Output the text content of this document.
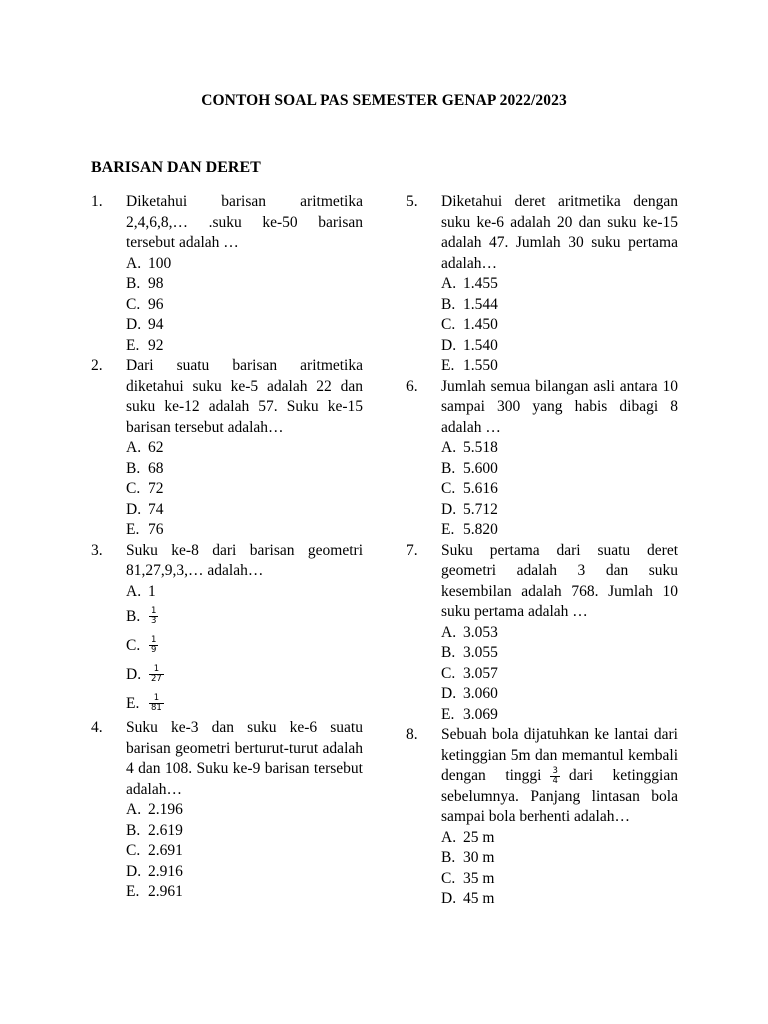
CONTOH SOAL PAS SEMESTER GENAP 2022/2023
BARISAN DAN DERET
1. Diketahui barisan aritmetika 2,4,6,8,… .suku ke-50 barisan tersebut adalah …
A. 100
B. 98
C. 96
D. 94
E. 92
2. Dari suatu barisan aritmetika diketahui suku ke-5 adalah 22 dan suku ke-12 adalah 57. Suku ke-15 barisan tersebut adalah…
A. 62
B. 68
C. 72
D. 74
E. 76
3. Suku ke-8 dari barisan geometri 81,27,9,3,… adalah…
A. 1
B.	$\frac{1}{3}$
C.	$\frac{1}{9}$
D.	$\frac{1}{27}$
E.	$\frac{1}{81}$
4. Suku ke-3 dan suku ke-6 suatu barisan geometri berturut-turut adalah 4 dan 108. Suku ke-9 barisan tersebut adalah…
A. 2.196
B. 2.619
C. 2.691
D. 2.916
E. 2.961
5. Diketahui deret aritmetika dengan suku ke-6 adalah 20 dan suku ke-15 adalah 47. Jumlah 30 suku pertama adalah…
A. 1.455
B. 1.544
C. 1.450
D. 1.540
E. 1.550
6. Jumlah semua bilangan asli antara 10 sampai 300 yang habis dibagi 8 adalah …
A. 5.518
B. 5.600
C. 5.616
D. 5.712
E. 5.820
7. Suku pertama dari suatu deret geometri adalah 3 dan suku kesembilan adalah 768. Jumlah 10 suku pertama adalah …
A. 3.053
B. 3.055
C. 3.057
D. 3.060
E. 3.069
8. Sebuah bola dijatuhkan ke lantai dari ketinggian 5m dan memantul kembali dengan tinggi $\frac{3}{4}$ dari ketinggian sebelumnya. Panjang lintasan bola sampai bola berhenti adalah…
A. 25 m
B. 30 m
C. 35 m
D. 45 m
